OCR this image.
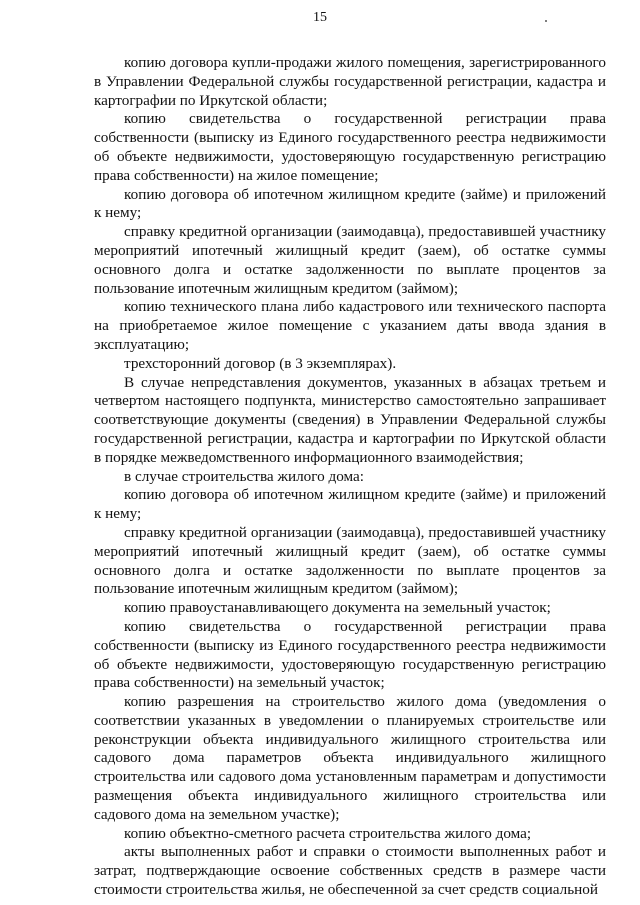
15

копию договора купли-продажи жилого помещения, зарегистрированного в Управлении Федеральной службы государственной регистрации, кадастра и картографии по Иркутской области;

копию свидетельства о государственной регистрации права собственности (выписку из Единого государственного реестра недвижимости об объекте недвижимости, удостоверяющую государственную регистрацию права собственности) на жилое помещение;

копию договора об ипотечном жилищном кредите (займе) и приложений к нему;

справку кредитной организации (заимодавца), предоставившей участнику мероприятий ипотечный жилищный кредит (заем), об остатке суммы основного долга и остатке задолженности по выплате процентов за пользование ипотечным жилищным кредитом (займом);

копию технического плана либо кадастрового или технического паспорта на приобретаемое жилое помещение с указанием даты ввода здания в эксплуатацию;

трехсторонний договор (в 3 экземплярах).

В случае непредставления документов, указанных в абзацах третьем и четвертом настоящего подпункта, министерство самостоятельно запрашивает соответствующие документы (сведения) в Управлении Федеральной службы государственной регистрации, кадастра и картографии по Иркутской области в порядке межведомственного информационного взаимодействия;

в случае строительства жилого дома:

копию договора об ипотечном жилищном кредите (займе) и приложений к нему;

справку кредитной организации (заимодавца), предоставившей участнику мероприятий ипотечный жилищный кредит (заем), об остатке суммы основного долга и остатке задолженности по выплате процентов за пользование ипотечным жилищным кредитом (займом);

копию правоустанавливающего документа на земельный участок;

копию свидетельства о государственной регистрации права собственности (выписку из Единого государственного реестра недвижимости об объекте недвижимости, удостоверяющую государственную регистрацию права собственности) на земельный участок;

копию разрешения на строительство жилого дома (уведомления о соответствии указанных в уведомлении о планируемых строительстве или реконструкции объекта индивидуального жилищного строительства или садового дома параметров объекта индивидуального жилищного строительства или садового дома установленным параметрам и допустимости размещения объекта индивидуального жилищного строительства или садового дома на земельном участке);

копию объектно-сметного расчета строительства жилого дома;

акты выполненных работ и справки о стоимости выполненных работ и затрат, подтверждающие освоение собственных средств в размере части стоимости строительства жилья, не обеспеченной за счет средств социальной
